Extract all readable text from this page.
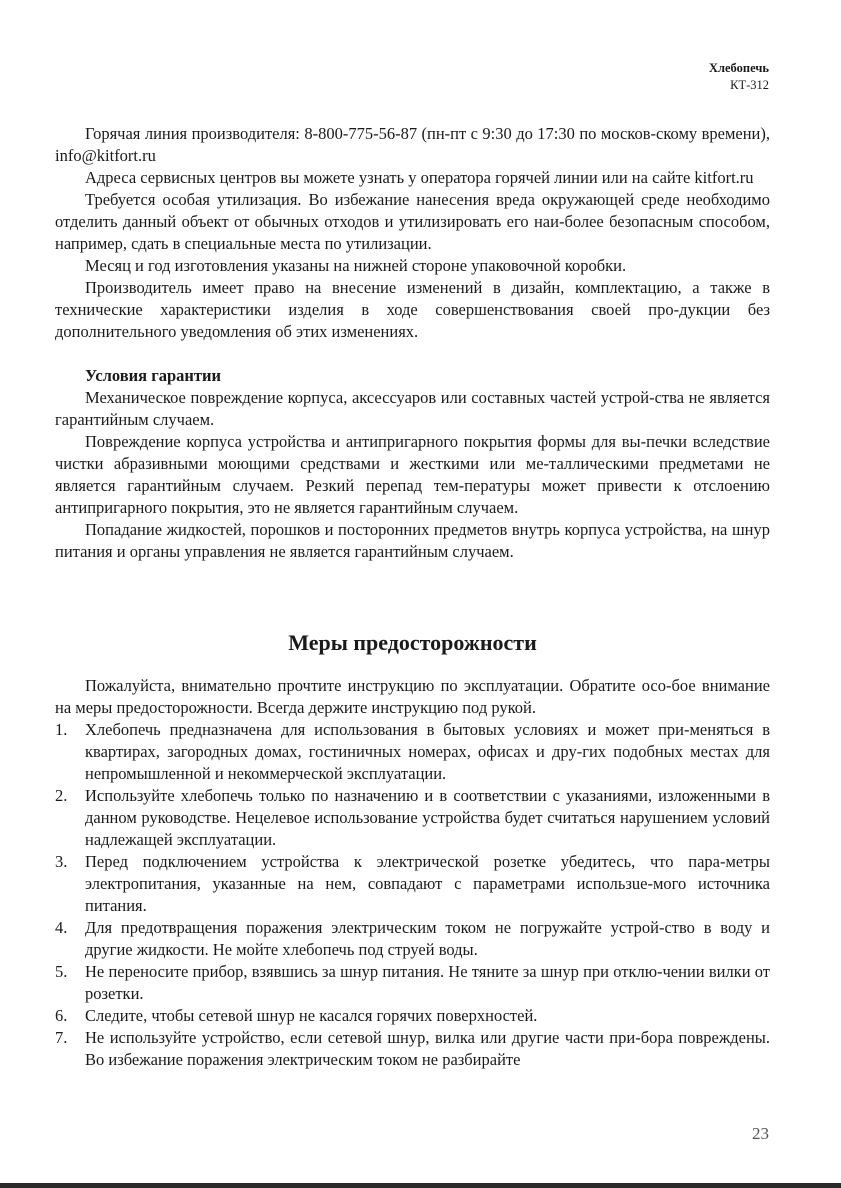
Хлебопечь
КТ-312

Горячая линия производителя: 8-800-775-56-87 (пн-пт с 9:30 до 17:30 по москов-скому времени), info@kitfort.ru

Адреса сервисных центров вы можете узнать у оператора горячей линии или на сайте kitfort.ru

Требуется особая утилизация. Во избежание нанесения вреда окружающей среде необходимо отделить данный объект от обычных отходов и утилизировать его наи-более безопасным способом, например, сдать в специальные места по утилизации.

Месяц и год изготовления указаны на нижней стороне упаковочной коробки.

Производитель имеет право на внесение изменений в дизайн, комплектацию, а также в технические характеристики изделия в ходе совершенствования своей про-дукции без дополнительного уведомления об этих изменениях.

Условия гарантии

Механическое повреждение корпуса, аксессуаров или составных частей устрой-ства не является гарантийным случаем.

Повреждение корпуса устройства и антипригарного покрытия формы для вы-печки вследствие чистки абразивными моющими средствами и жесткими или ме-таллическими предметами не является гарантийным случаем. Резкий перепад тем-пературы может привести к отслоению антипригарного покрытия, это не является гарантийным случаем.

Попадание жидкостей, порошков и посторонних предметов внутрь корпуса устройства, на шнур питания и органы управления не является гарантийным случаем.

Меры предосторожности

Пожалуйста, внимательно прочтите инструкцию по эксплуатации. Обратите осо-бое внимание на меры предосторожности. Всегда держите инструкцию под рукой.

1. Хлебопечь предназначена для использования в бытовых условиях и может при-меняться в квартирах, загородных домах, гостиничных номерах, офисах и дру-гих подобных местах для непромышленной и некоммерческой эксплуатации.
2. Используйте хлебопечь только по назначению и в соответствии с указаниями, изложенными в данном руководстве. Нецелевое использование устройства будет считаться нарушением условий надлежащей эксплуатации.
3. Перед подключением устройства к электрической розетке убедитесь, что пара-метры электропитания, указанные на нем, совпадают с параметрами использue-мого источника питания.
4. Для предотвращения поражения электрическим током не погружайте устрой-ство в воду и другие жидкости. Не мойте хлебопечь под струей воды.
5. Не переносите прибор, взявшись за шнур питания. Не тяните за шнур при отклю-чении вилки от розетки.
6. Следите, чтобы сетевой шнур не касался горячих поверхностей.
7. Не используйте устройство, если сетевой шнур, вилка или другие части при-бора повреждены. Во избежание поражения электрическим током не разбирайте
23
